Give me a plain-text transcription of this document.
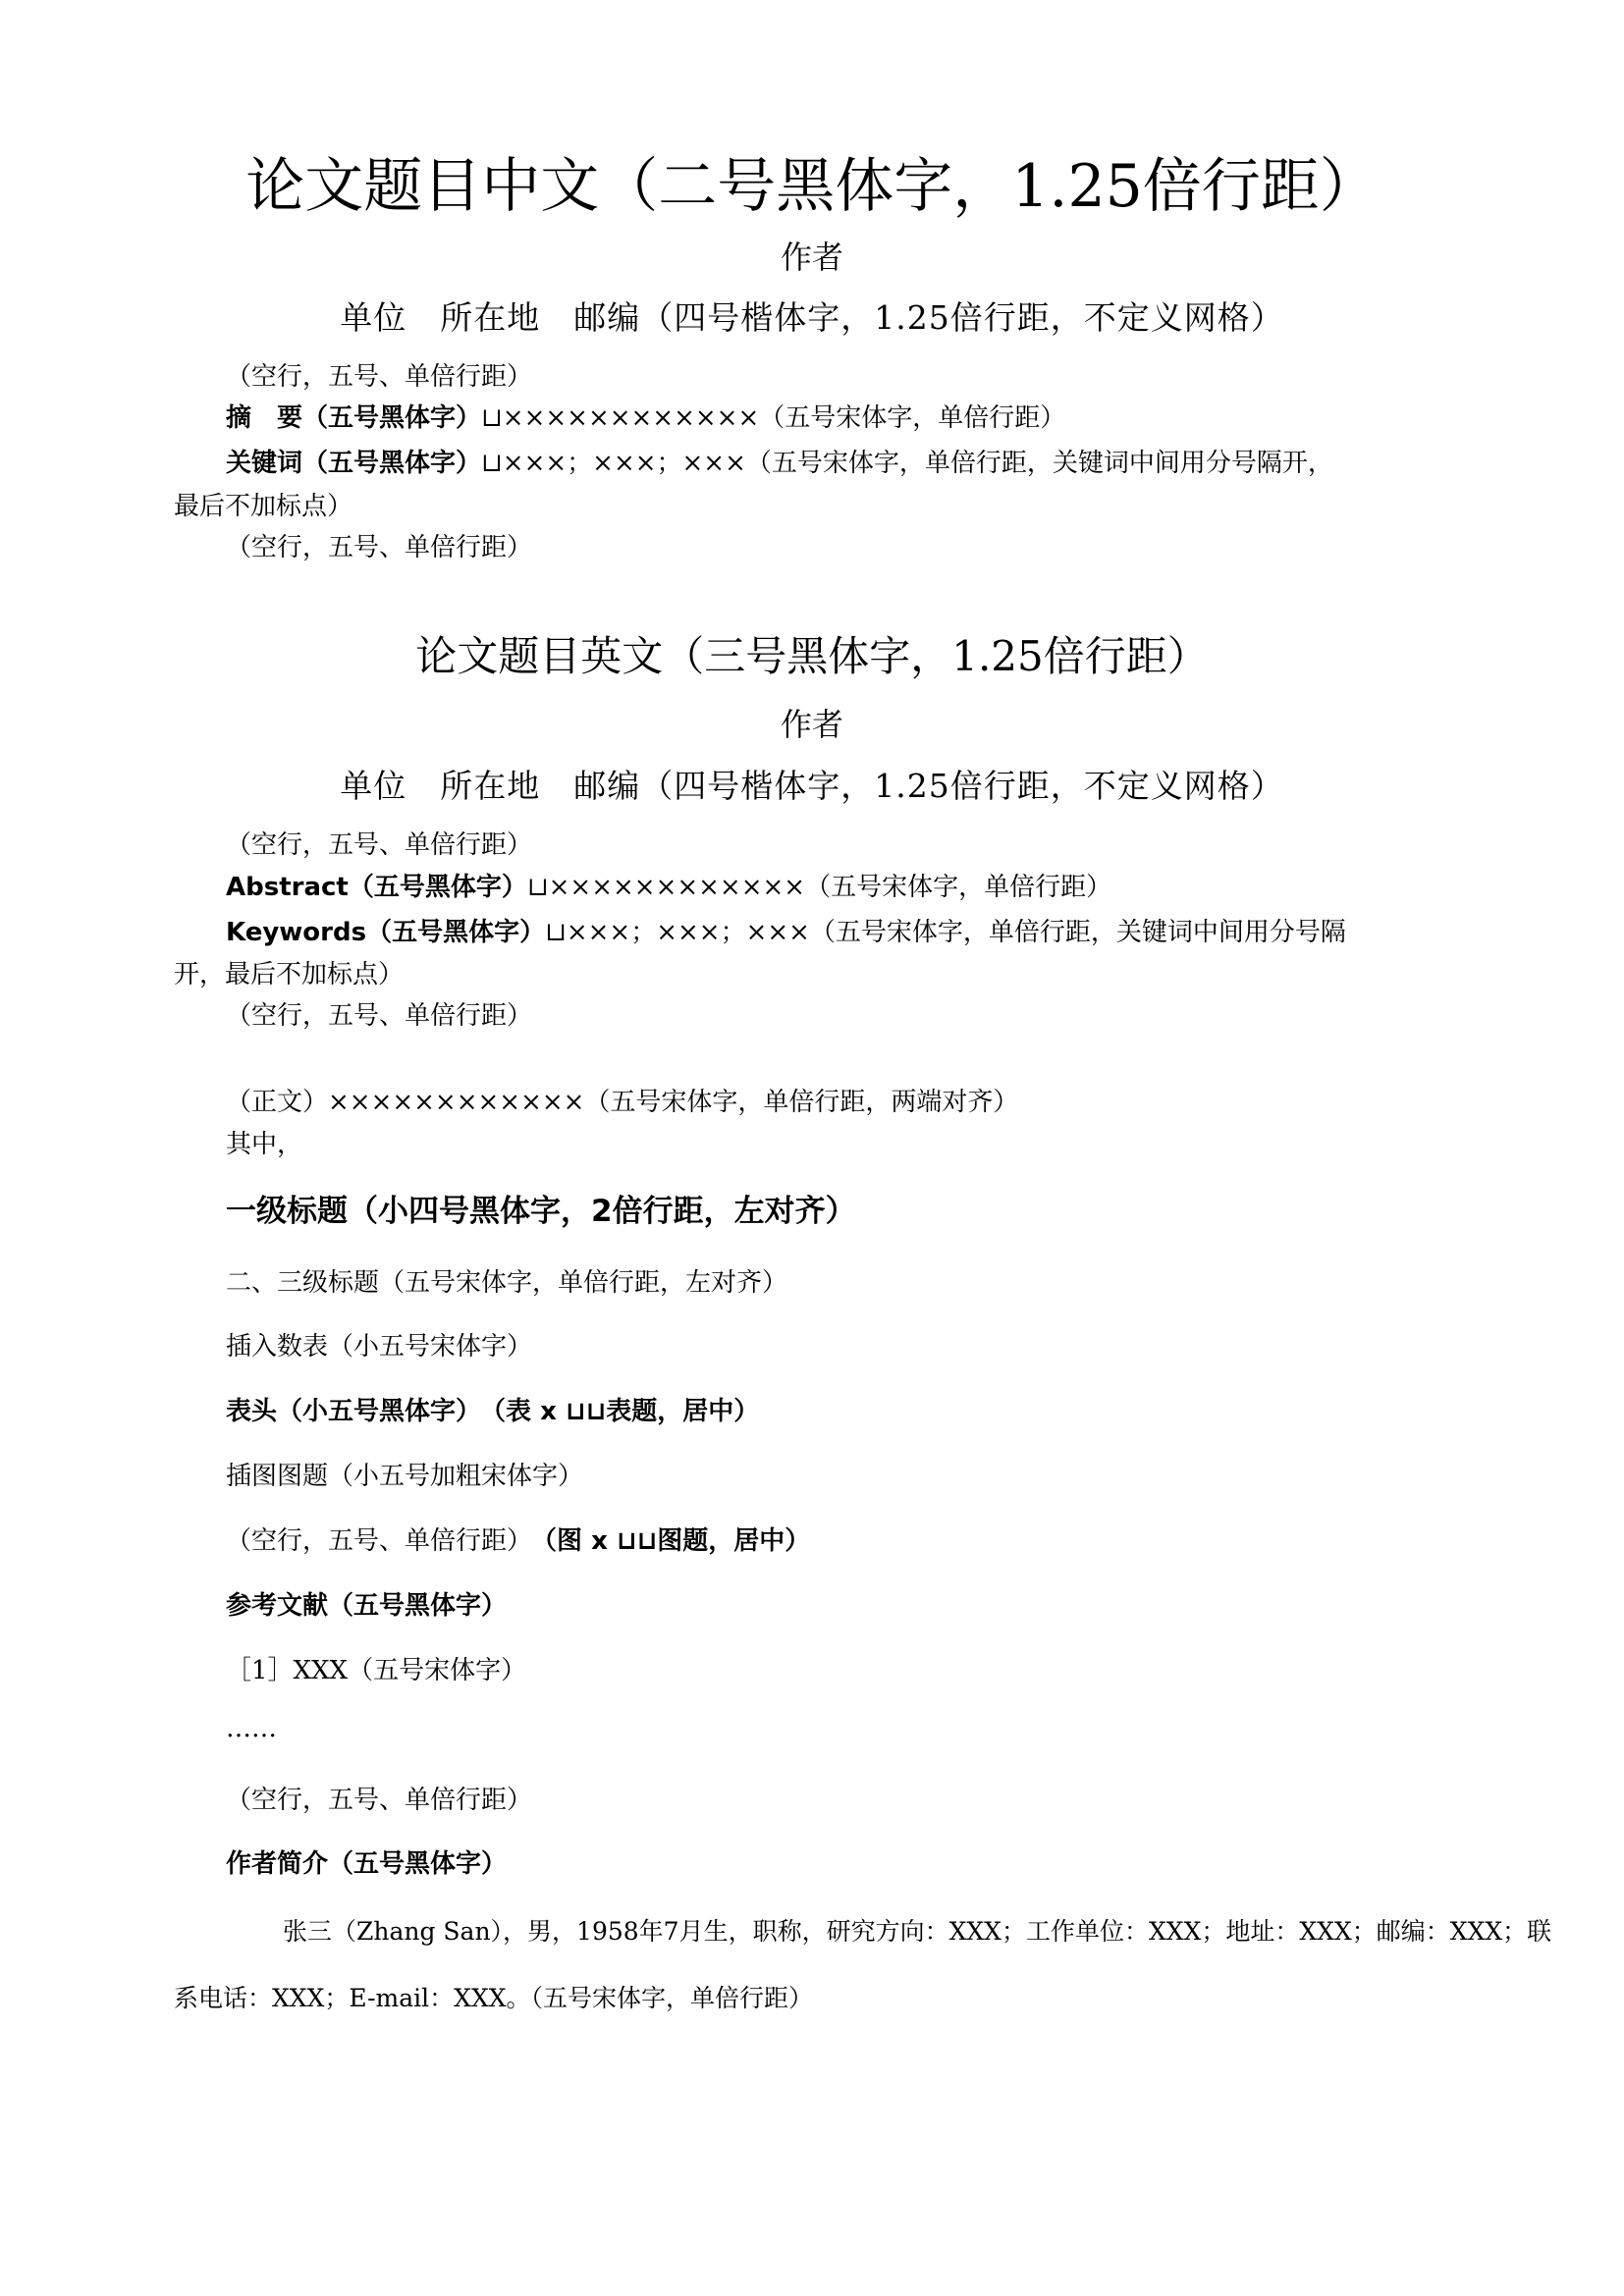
论文题目中文（二号黑体字，1.25倍行距）
作者
单位　所在地　邮编（四号楷体字，1.25倍行距，不定义网格）
（空行，五号、单倍行距）
摘　要（五号黑体字）⊔××××××××××××（五号宋体字，单倍行距）
关键词（五号黑体字）⊔×××；×××；×××（五号宋体字，单倍行距，关键词中间用分号隔开，
最后不加标点）
（空行，五号、单倍行距）
论文题目英文（三号黑体字，1.25倍行距）
作者
单位　所在地　邮编（四号楷体字，1.25倍行距，不定义网格）
（空行，五号、单倍行距）
Abstract（五号黑体字）⊔××××××××××××（五号宋体字，单倍行距）
Keywords（五号黑体字）⊔×××；×××；×××（五号宋体字，单倍行距，关键词中间用分号隔
开，最后不加标点）
（空行，五号、单倍行距）
（正文）××××××××××××（五号宋体字，单倍行距，两端对齐）
其中，
一级标题（小四号黑体字，2倍行距，左对齐）
二、三级标题（五号宋体字，单倍行距，左对齐）
插入数表（小五号宋体字）
表头（小五号黑体字） （表 x ⊔⊔表题，居中）
插图图题（小五号加粗宋体字）
（空行，五号、单倍行距） （图 x ⊔⊔图题，居中）
参考文献（五号黑体字）
［1］XXX（五号宋体字）
……
（空行，五号、单倍行距）
作者简介（五号黑体字）
张三（Zhang San），男，1958年7月生，职称，研究方向：XXX；工作单位：XXX；地址：XXX；邮编：XXX；联
系电话：XXX；E-mail：XXX。（五号宋体字，单倍行距）
